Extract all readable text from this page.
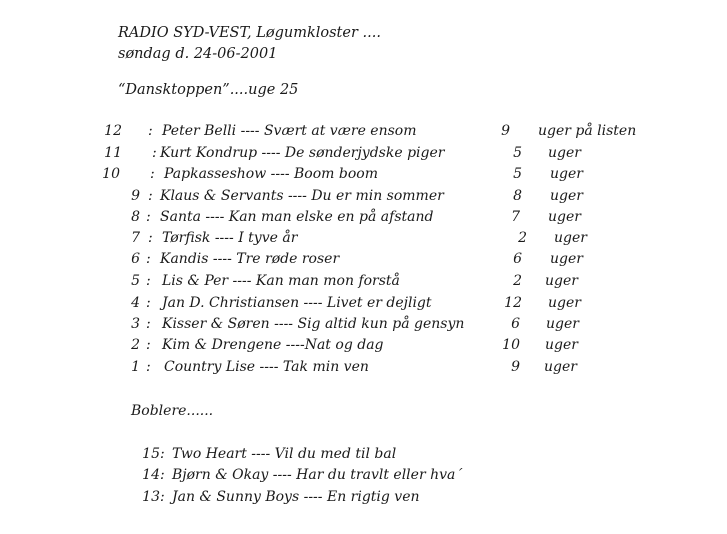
RADIO SYD-VEST, Løgumkloster ....
søndag d. 24-06-2001
“Dansktoppen”....uge 25
12 : Peter Belli ---- Svært at være ensom	9 uger på listen
11 : Kurt Kondrup ---- De sønderjydske piger	5 uger
10 : Papkasseshow ---- Boom boom	5 uger
9 : Klaus & Servants ---- Du er min sommer	8 uger
8 : Santa ---- Kan man elske en på afstand	7 uger
7 : Tørfisk ---- I tyve år	2 uger
6 : Kandis ---- Tre røde roser	6 uger
5 : Lis & Per ---- Kan man mon forstå	2 uger
4 : Jan D. Christiansen ---- Livet er dejligt	12 uger
3 : Kisser & Søren ---- Sig altid kun på gensyn	6 uger
2 : Kim & Drengene ----Nat og dag	10 uger
1 : Country Lise ---- Tak min ven	9 uger
Boblere......
15 : Two Heart ---- Vil du med til bal
14 : Bjørn & Okay ---- Har du travlt eller hva´
13 : Jan & Sunny Boys ---- En rigtig ven
